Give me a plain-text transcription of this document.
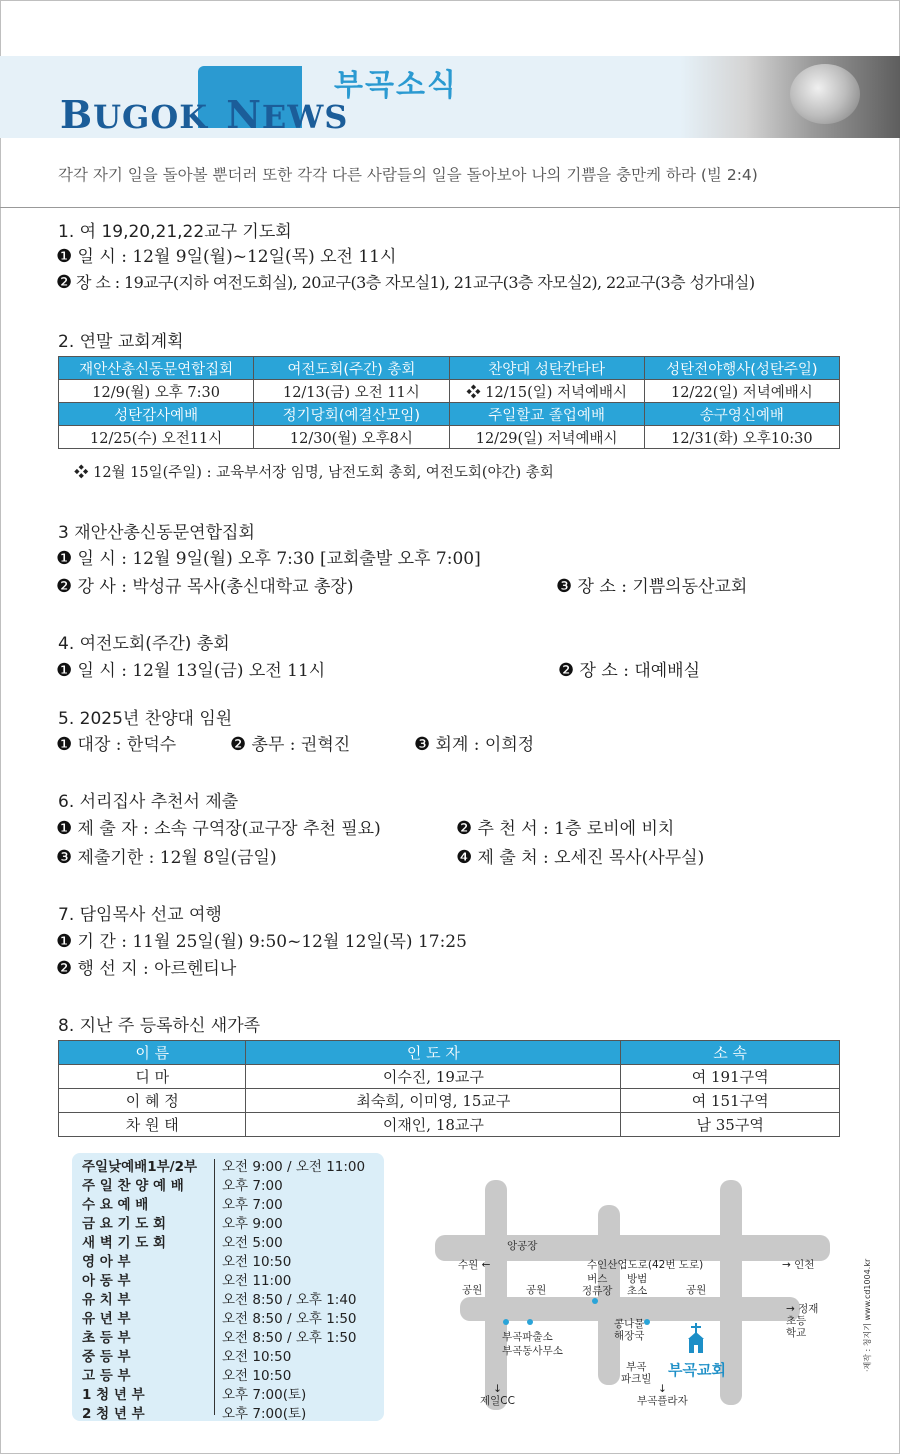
BUGOK NEWS
부곡소식
각각 자기 일을 돌아볼 뿐더러 또한 각각 다른 사람들의 일을 돌아보아 나의 기쁨을 충만케 하라 (빌 2:4)
1. 여 19,20,21,22교구 기도회
❶ 일 시 : 12월 9일(월)~12일(목) 오전 11시
❷ 장 소 : 19교구(지하 여전도회실), 20교구(3층 자모실1), 21교구(3층 자모실2), 22교구(3층 성가대실)
2. 연말 교회계획
재안산총신동문연합집회	여전도회(주간) 총회	찬양대 성탄칸타타	성탄전야행사(성탄주일)
12/9(월) 오후 7:30	12/13(금) 오전 11시	❖ 12/15(일) 저녁예배시	12/22(일) 저녁예배시
성탄감사예배	정기당회(예결산모임)	주일할교 졸업예배	송구영신예배
12/25(수) 오전11시	12/30(월) 오후8시	12/29(일) 저녁예배시	12/31(화) 오후10:30
❖ 12월 15일(주일) : 교육부서장 임명, 남전도회 총회, 여전도회(야간) 총회
3 재안산총신동문연합집회
❶ 일 시 : 12월 9일(월) 오후 7:30 [교회출발 오후 7:00]
❷ 강 사 : 박성규 목사(총신대학교 총장)	❸ 장 소 : 기쁨의동산교회
4. 여전도회(주간) 총회
❶ 일 시 : 12월 13일(금) 오전 11시	❷ 장 소 : 대예배실
5. 2025년 찬양대 임원
❶ 대장 : 한덕수	❷ 총무 : 권혁진	❸ 회계 : 이희정
6. 서리집사 추천서 제출
❶ 제 출 자 : 소속 구역장(교구장 추천 필요)	❷ 추 천 서 : 1층 로비에 비치
❸ 제출기한 : 12월 8일(금일)	❹ 제 출 처 : 오세진 목사(사무실)
7. 담임목사 선교 여행
❶ 기 간 : 11월 25일(월) 9:50~12월 12일(목) 17:25
❷ 행 선 지 : 아르헨티나
8. 지난 주 등록하신 새가족
이 름	인 도 자	소 속
디 마	이수진, 19교구	여 191구역
이 혜 정	최숙희, 이미영, 15교구	여 151구역
차 원 태	이재인, 18교구	남 35구역
주일낮예배1부/2부 오전 9:00 / 오전 11:00
주 일 찬 양 예 배	오후 7:00
수 요 예 배	오후 7:00
금 요 기 도 회	오후 9:00
새 벽 기 도 회	오전 5:00
영 아 부	오전 10:50
아 동 부	오전 11:00
유 치 부	오전 8:50 / 오후 1:40
유 년 부	오전 8:50 / 오후 1:50
초 등 부	오전 8:50 / 오후 1:50
중 등 부	오전 10:50
고 등 부	오전 10:50
1 청 년 부	오후 7:00(토)
2 청 년 부	오후 7:00(토)
앙공장
수원 ←	수인산업도로(42번 도로)	→ 인천
공원	공원	공원
버스
정류장
방범
초소
→ 정재
초등
학교
부곡파출소
부곡동사무소
콩나물
해장국
부곡
파크빌 부곡교회
↓
제일CC
↓
부곡플라자
·제작 : 청지기 www.cd1004.kr
